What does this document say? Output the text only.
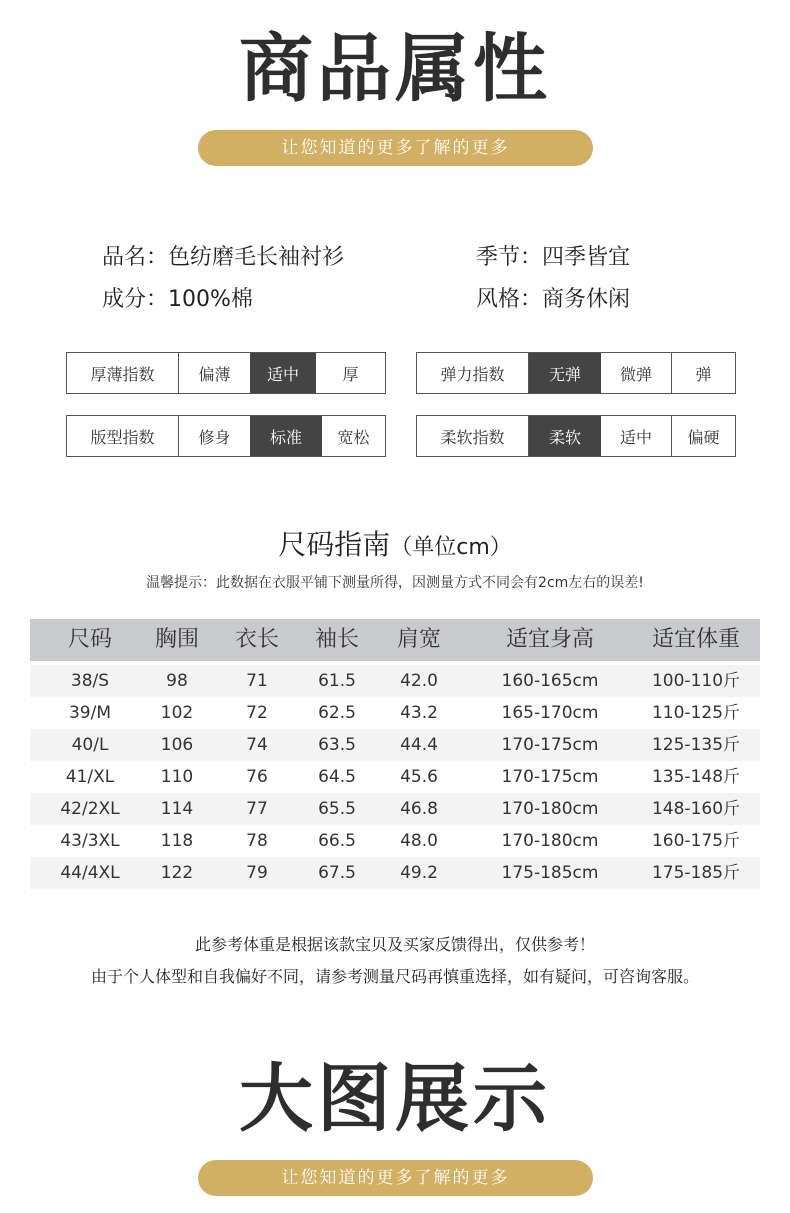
商品属性
让您知道的更多了解的更多
品名：色纺磨毛长袖衬衫	季节：四季皆宜
成分：100%棉	风格：商务休闲
厚薄指数	偏薄	适中	厚	弹力指数	无弹	微弹	弹
版型指数	修身	标准	宽松	柔软指数	柔软	适中	偏硬
尺码指南（单位cm）
温馨提示：此数据在衣服平铺下测量所得，因测量方式不同会有2cm左右的误差!
尺码	胸围	衣长	袖长	肩宽	适宜身高	适宜体重
38/S	98	71	61.5	42.0	160-165cm	100-110斤
39/M	102	72	62.5	43.2	165-170cm	110-125斤
40/L	106	74	63.5	44.4	170-175cm	125-135斤
41/XL	110	76	64.5	45.6	170-175cm	135-148斤
42/2XL	114	77	65.5	46.8	170-180cm	148-160斤
43/3XL	118	78	66.5	48.0	170-180cm	160-175斤
44/4XL	122	79	67.5	49.2	175-185cm	175-185斤
此参考体重是根据该款宝贝及买家反馈得出，仅供参考！
由于个人体型和自我偏好不同，请参考测量尺码再慎重选择，如有疑问，可咨询客服。
大图展示
让您知道的更多了解的更多
